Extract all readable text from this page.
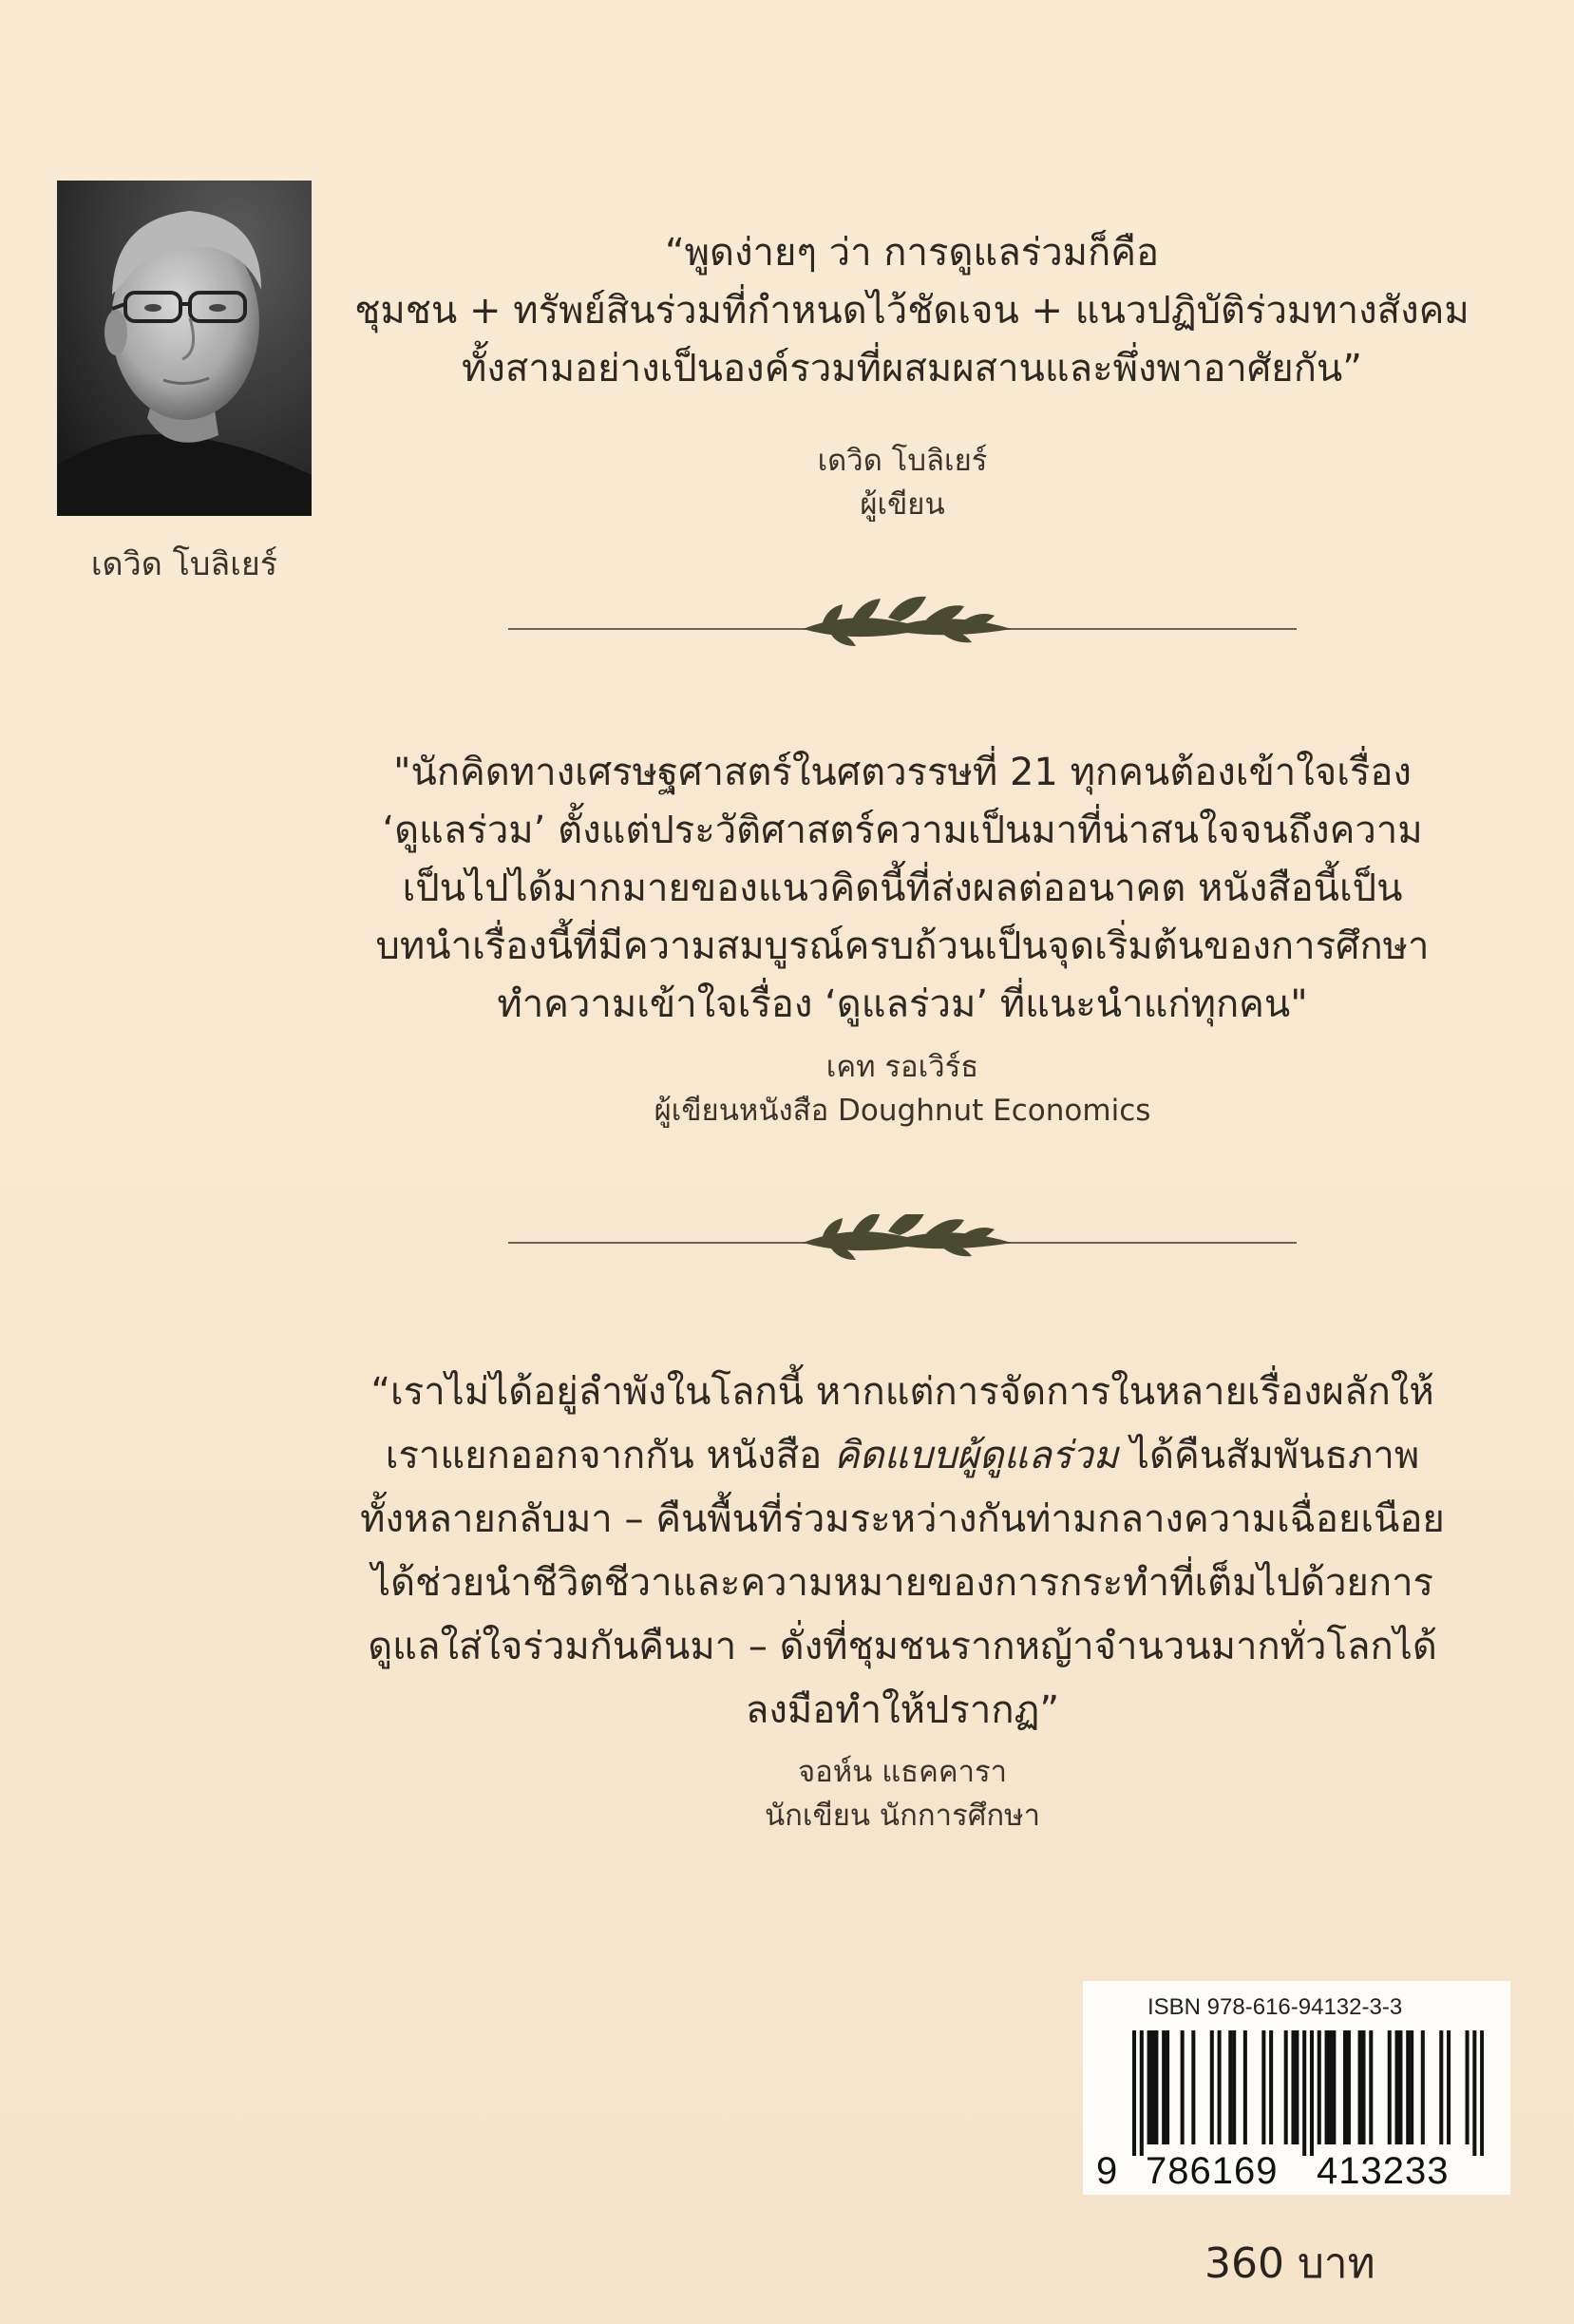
เดวิด โบลิเยร์
“พูดง่ายๆ ว่า การดูแลร่วมก็คือ
ชุมชน + ทรัพย์สินร่วมที่กำหนดไว้ชัดเจน + แนวปฏิบัติร่วมทางสังคม
ทั้งสามอย่างเป็นองค์รวมที่ผสมผสานและพึ่งพาอาศัยกัน”
เดวิด โบลิเยร์
ผู้เขียน
"นักคิดทางเศรษฐศาสตร์ในศตวรรษที่ 21 ทุกคนต้องเข้าใจเรื่อง
‘ดูแลร่วม’ ตั้งแต่ประวัติศาสตร์ความเป็นมาที่น่าสนใจจนถึงความ
เป็นไปได้มากมายของแนวคิดนี้ที่ส่งผลต่ออนาคต หนังสือนี้เป็น
บทนำเรื่องนี้ที่มีความสมบูรณ์ครบถ้วนเป็นจุดเริ่มต้นของการศึกษา
ทำความเข้าใจเรื่อง ‘ดูแลร่วม’ ที่แนะนำแก่ทุกคน"
เคท รอเวิร์ธ
ผู้เขียนหนังสือ Doughnut Economics
“เราไม่ได้อยู่ลำพังในโลกนี้ หากแต่การจัดการในหลายเรื่องผลักให้
เราแยกออกจากกัน หนังสือ คิดแบบผู้ดูแลร่วม ได้คืนสัมพันธภาพ
ทั้งหลายกลับมา – คืนพื้นที่ร่วมระหว่างกันท่ามกลางความเฉื่อยเนือย
ได้ช่วยนำชีวิตชีวาและความหมายของการกระทำที่เต็มไปด้วยการ
ดูแลใส่ใจร่วมกันคืนมา – ดั่งที่ชุมชนรากหญ้าจำนวนมากทั่วโลกได้
ลงมือทำให้ปรากฏ”
จอห์น แธคคารา
นักเขียน นักการศึกษา
ISBN 978-616-94132-3-3
9 786169 413233
360 บาท
